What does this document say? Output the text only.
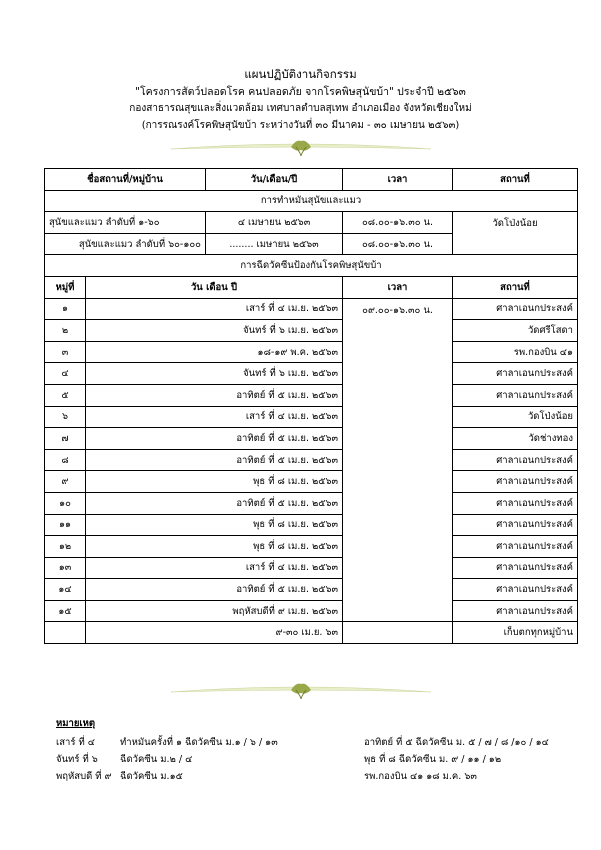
แผนปฏิบัติงานกิจกรรม
"โครงการสัตว์ปลอดโรค คนปลอดภัย จากโรคพิษสุนัขบ้า" ประจำปี ๒๕๖๓
กองสาธารณสุขและสิ่งแวดล้อม เทศบาลตำบลสุเทพ อำเภอเมือง จังหวัดเชียงใหม่
(การรณรงค์โรคพิษสุนัขบ้า ระหว่างวันที่ ๓๐ มีนาคม - ๓๐ เมษายน ๒๕๖๓)
ชื่อสถานที่/หมู่บ้าน		วัน/เดือน/ปี	เวลา	สถานที่
การทำหมันสุนัขและแมว				
สุนัขและแมว ลำดับที่ ๑-๖๐		๔ เมษายน ๒๕๖๓	๐๘.๐๐-๑๖.๓๐ น.	วัดโป่งน้อย
สุนัขและแมว ลำดับที่ ๖๐-๑๐๐		........ เมษายน ๒๕๖๓	๐๘.๐๐-๑๖.๓๐ น.	
การฉีดวัคซีนป้องกันโรคพิษสุนัขบ้า				
หมู่ที่	วัน เดือน ปี		เวลา	สถานที่
๑	เสาร์ ที่ ๔ เม.ย. ๒๕๖๓		๐๙.๐๐-๑๖.๓๐ น.	ศาลาเอนกประสงค์
๒	จันทร์ ที่ ๖ เม.ย. ๒๕๖๓			วัดศรีโสดา
๓	๑๘-๑๙ พ.ค. ๒๕๖๓			รพ.กองบิน ๔๑
๔	จันทร์ ที่ ๖ เม.ย. ๒๕๖๓			ศาลาเอนกประสงค์
๕	อาทิตย์ ที่ ๕ เม.ย. ๒๕๖๓			ศาลาเอนกประสงค์
๖	เสาร์ ที่ ๔ เม.ย. ๒๕๖๓			วัดโป่งน้อย
๗	อาทิตย์ ที่ ๕ เม.ย. ๒๕๖๓			วัดช่างทอง
๘	อาทิตย์ ที่ ๕ เม.ย. ๒๕๖๓			ศาลาเอนกประสงค์
๙	พุธ ที่ ๘ เม.ย. ๒๕๖๓			ศาลาเอนกประสงค์
๑๐	อาทิตย์ ที่ ๕ เม.ย. ๒๕๖๓			ศาลาเอนกประสงค์
๑๑	พุธ ที่ ๘ เม.ย. ๒๕๖๓			ศาลาเอนกประสงค์
๑๒	พุธ ที่ ๘ เม.ย. ๒๕๖๓			ศาลาเอนกประสงค์
๑๓	เสาร์ ที่ ๔ เม.ย. ๒๕๖๓			ศาลาเอนกประสงค์
๑๔	อาทิตย์ ที่ ๕ เม.ย. ๒๕๖๓			ศาลาเอนกประสงค์
๑๕	พฤหัสบดีที่ ๙ เม.ย. ๒๕๖๓			ศาลาเอนกประสงค์
	๙-๓๐ เม.ย. ๖๓			เก็บตกทุกหมู่บ้าน
หมายเหตุ
เสาร์ ที่ ๔	ทำหมันครั้งที่ ๑ ฉีดวัคซีน ม.๑ / ๖ / ๑๓	อาทิตย์ ที่ ๕ ฉีดวัคซีน ม. ๕ / ๗ / ๘ /๑๐ / ๑๔
จันทร์ ที่ ๖ ฉีดวัคซีน ม.๒ / ๔	พุธ ที่ ๘ ฉีดวัคซีน ม. ๙ / ๑๑ / ๑๒
พฤหัสบดี ที่ ๙ ฉีดวัคซีน ม.๑๕	รพ.กองบิน ๔๑ ๑๘ ม.ค. ๖๓
